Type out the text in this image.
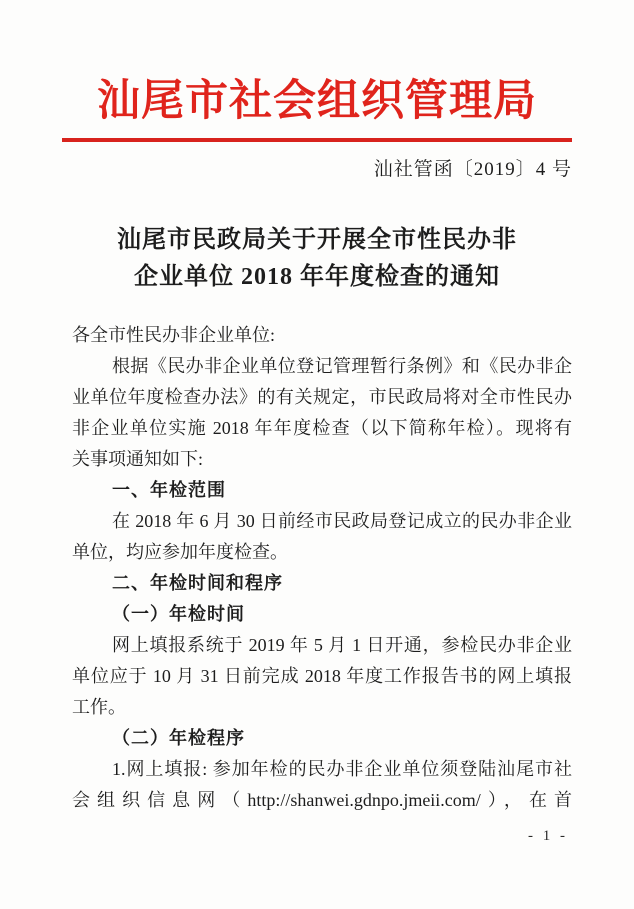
汕尾市社会组织管理局
汕社管函〔2019〕4 号
汕尾市民政局关于开展全市性民办非
企业单位 2018 年年度检查的通知
各全市性民办非企业单位:
根据《民办非企业单位登记管理暂行条例》和《民办非企
业单位年度检查办法》的有关规定，市民政局将对全市性民办
非企业单位实施 2018 年年度检查（以下简称年检）。现将有
关事项通知如下:
一、年检范围
在 2018 年 6 月 30 日前经市民政局登记成立的民办非企业
单位，均应参加年度检查。
二、年检时间和程序
（一）年检时间
网上填报系统于 2019 年 5 月 1 日开通，参检民办非企业
单位应于 10 月 31 日前完成 2018 年度工作报告书的网上填报
工作。
（二）年检程序
1.网上填报: 参加年检的民办非企业单位须登陆汕尾市社
会组织信息网（http://shanwei.gdnpo.jmeii.com/），在首
- 1 -
